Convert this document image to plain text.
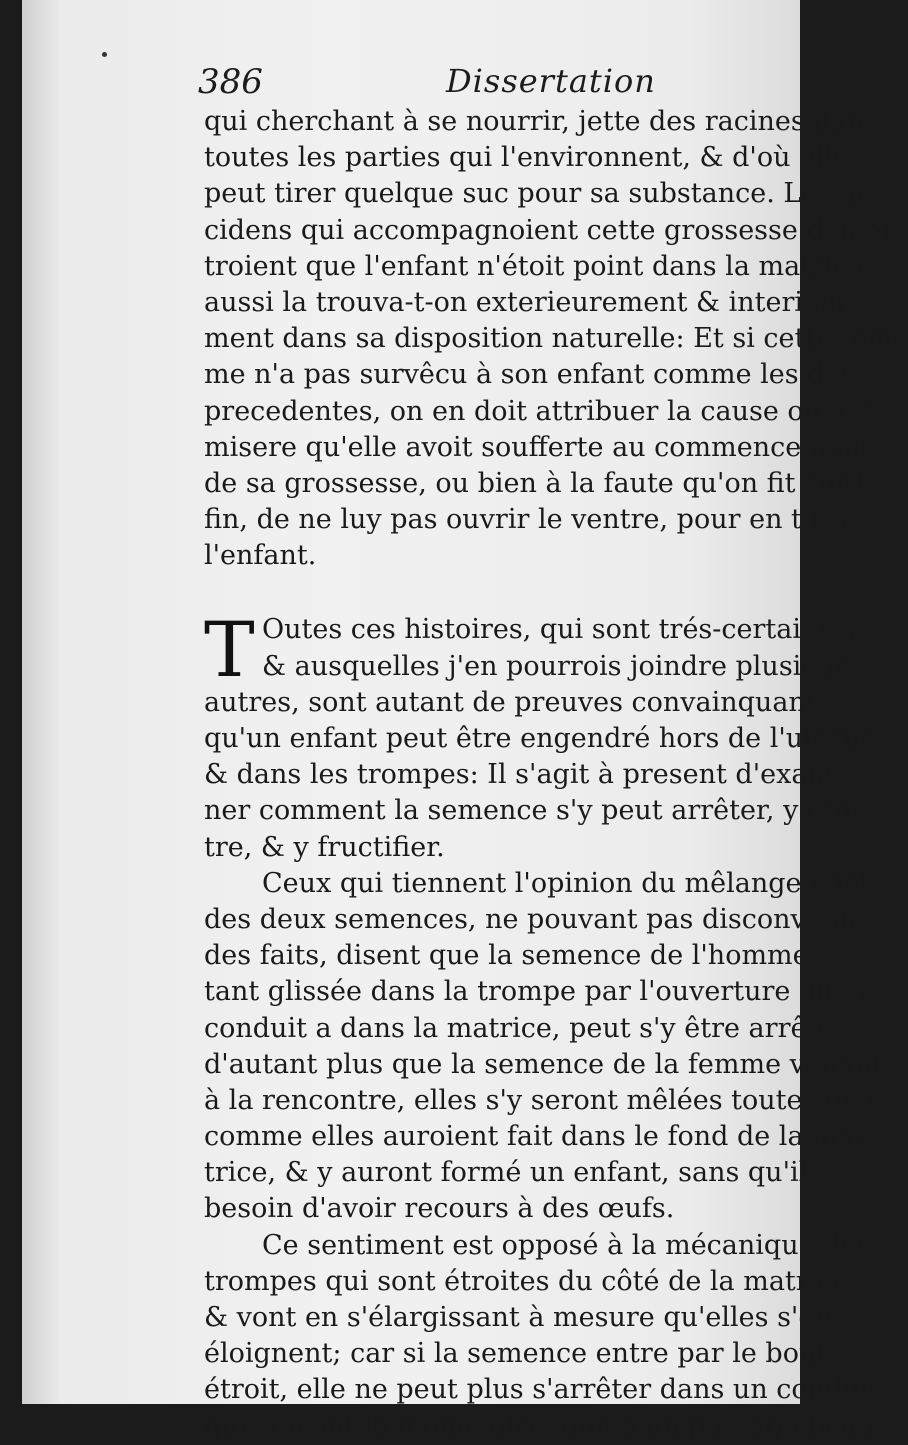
386	Dissertation
qui cherchant à se nourrir, jette des racines dans
toutes les parties qui l'environnent, & d'où elle
peut tirer quelque suc pour sa substance. Les ac-
cidens qui accompagnoient cette grossesse démon-
troient que l'enfant n'étoit point dans la matrice:
aussi la trouva-t-on exterieurement & interieure-
ment dans sa disposition naturelle: Et si cette fem-
me n'a pas survêcu à son enfant comme les deux
precedentes, on en doit attribuer la cause ou à la
misere qu'elle avoit soufferte au commencement
de sa grossesse, ou bien à la faute qu'on fit sur la
fin, de ne luy pas ouvrir le ventre, pour en tirer
l'enfant.
T Outes ces histoires, qui sont trés-certaines,
& ausquelles j'en pourrois joindre plusieurs
autres, sont autant de preuves convainquantes,
qu'un enfant peut être engendré hors de l'uterus,
& dans les trompes: Il s'agit à present d'exami-
ner comment la semence s'y peut arrêter, y croî-
tre, & y fructifier.
Ceux qui tiennent l'opinion du mêlange égal
des deux semences, ne pouvant pas disconvenir
des faits, disent que la semence de l'homme s'é-
tant glissée dans la trompe par l'ouverture que ce
conduit a dans la matrice, peut s'y être arrêté,
d'autant plus que la semence de la femme venant
à la rencontre, elles s'y seront mêlées toutes deux
comme elles auroient fait dans le fond de la ma-
trice, & y auront formé un enfant, sans qu'il soit
besoin d'avoir recours à des œufs.
Ce sentiment est opposé à la mécanique des
trompes qui sont étroites du côté de la matrice,
& vont en s'élargissant à mesure qu'elles s'en
éloignent; car si la semence entre par le bout
étroit, elle ne peut plus s'arrêter dans un conduit,
qui suivant la même direction a un passage beau-
